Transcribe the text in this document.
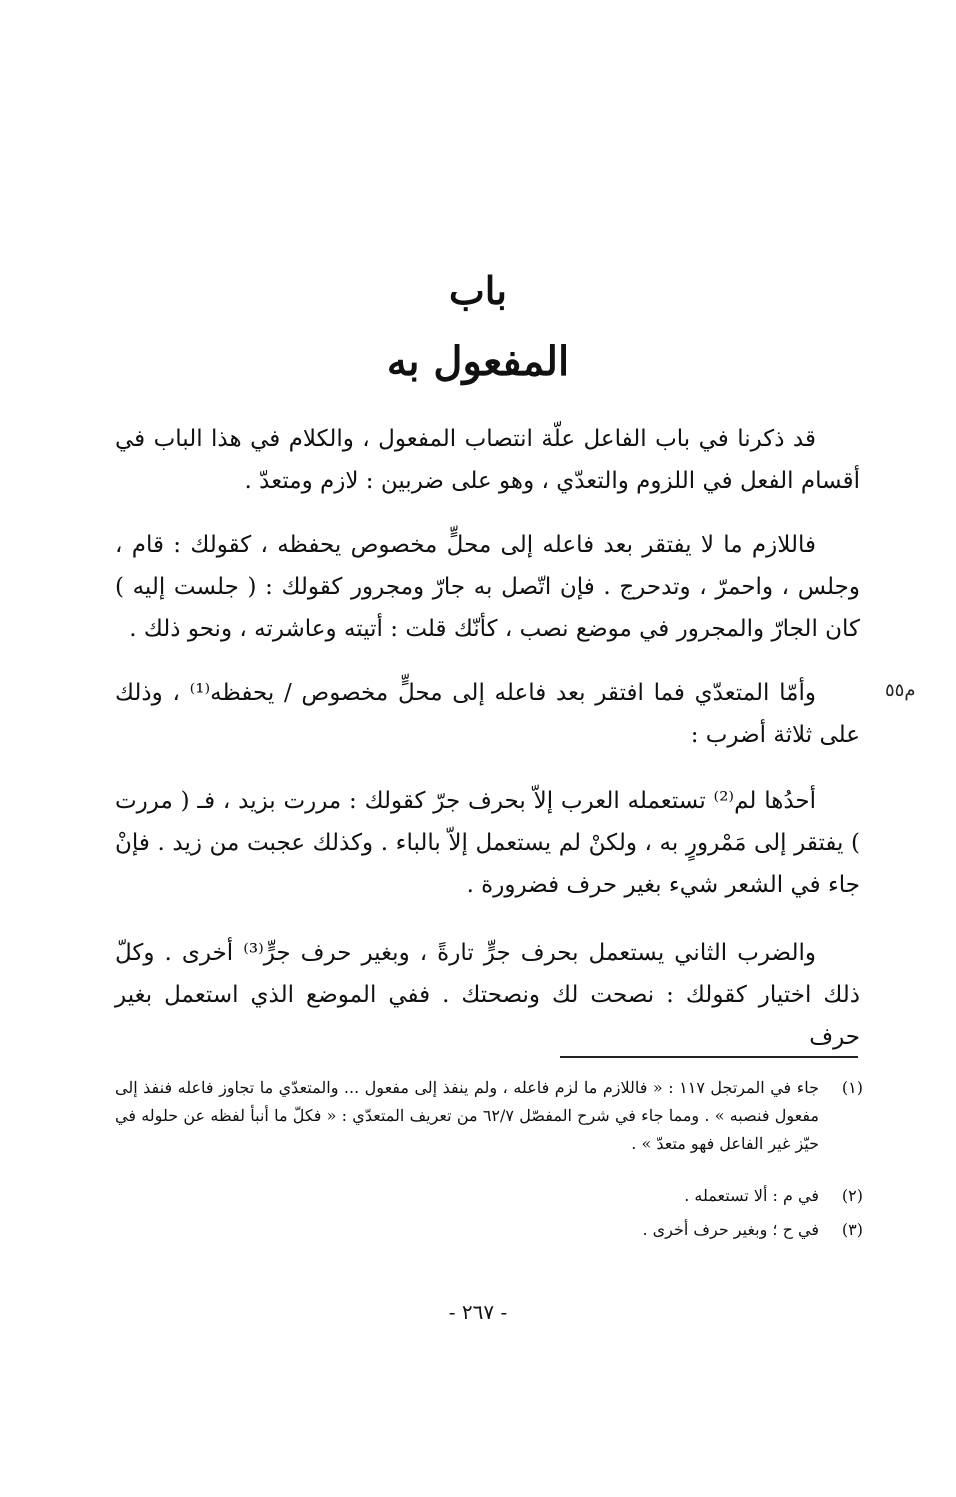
باب
المفعول به
قد ذكرنا في باب الفاعل علّة انتصاب المفعول ، والكلام في هذا الباب في أقسام الفعل في اللزوم والتعدّي ، وهو على ضربين : لازم ومتعدّ .
فاللازم ما لا يفتقر بعد فاعله إلى محلٍّ مخصوص يحفظه ، كقولك : قام ، وجلس ، واحمرّ ، وتدحرج . فإن اتّصل به جارّ ومجرور كقولك : ( جلست إليه ) كان الجارّ والمجرور في موضع نصب ، كأنّك قلت : أتيته وعاشرته ، ونحو ذلك .
م٥٥
وأمّا المتعدّي فما افتقر بعد فاعله إلى محلٍّ مخصوص / يحفظه⁽¹⁾ ، وذلك على ثلاثة أضرب :
أحدُها لم⁽²⁾ تستعمله العرب إلاّ بحرف جرّ كقولك : مررت بزيد ، فـ ( مررت ) يفتقر إلى مَمْرورٍ به ، ولكنْ لم يستعمل إلاّ بالباء . وكذلك عجبت من زيد . فإنْ جاء في الشعر شيء بغير حرف فضرورة .
والضرب الثاني يستعمل بحرف جرٍّ تارةً ، وبغير حرف جرٍّ⁽³⁾ أخرى . وكلّ ذلك اختيار كقولك : نصحت لك ونصحتك . ففي الموضع الذي استعمل بغير حرف
(١)
جاء في المرتجل ١١٧ : « فاللازم ما لزم فاعله ، ولم ينفذ إلى مفعول ... والمتعدّي ما تجاوز فاعله فنفذ إلى مفعول فنصبه » . ومما جاء في شرح المفصّل ٦٢/٧ من تعريف المتعدّي : « فكلّ ما أنبأ لفظه عن حلوله في حيّز غير الفاعل فهو متعدّ » .
(٢)
في م : ألا تستعمله .
(٣)
في ح ؛ وبغير حرف أخرى .
- ٢٦٧ -
